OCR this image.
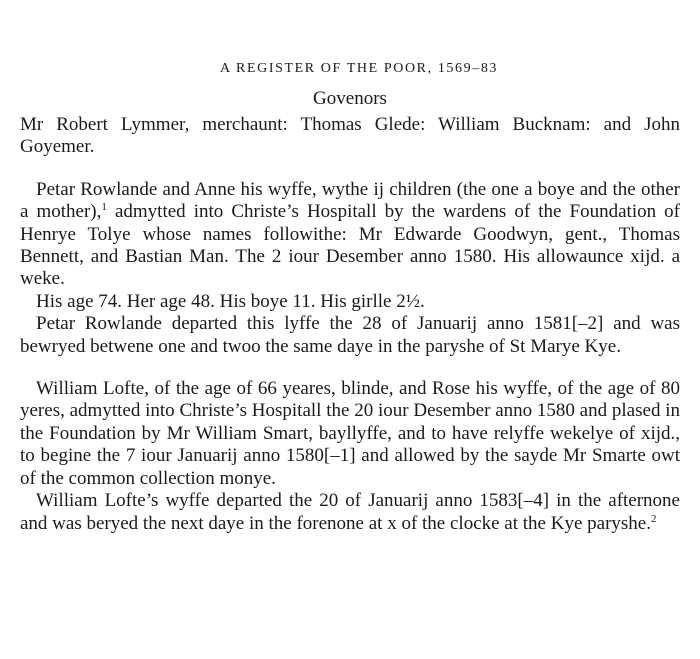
A REGISTER OF THE POOR, 1569–83
Govenors

Mr Robert Lymmer, merchaunt: Thomas Glede: William Bucknam: and John Goyemer.

Petar Rowlande and Anne his wyffe, wythe ij children (the one a boye and the other a mother),$^1$ admytted into Christe’s Hospitall by the wardens of the Foundation of Henrye Tolye whose names followithe: Mr Edwarde Goodwyn, gent., Thomas Bennett, and Bastian Man. The 2 iour Desember anno 1580. His allowaunce xijd. a weke.

His age 74. Her age 48. His boye 11. His girlle 2½.

Petar Rowlande departed this lyffe the 28 of Januarij anno 1581[–2] and was bewryed betwene one and twoo the same daye in the paryshe of St Marye Kye.

William Lofte, of the age of 66 yeares, blinde, and Rose his wyffe, of the age of 80 yeres, admytted into Christe’s Hospitall the 20 iour Desember anno 1580 and plased in the Foundation by Mr William Smart, bayllyffe, and to have relyffe wekelye of xijd., to begine the 7 iour Januarij anno 1580[–1] and allowed by the sayde Mr Smarte owt of the common collection monye.

William Lofte’s wyffe departed the 20 of Januarij anno 1583[–4] in the afternone and was beryed the next daye in the forenone at x of the clocke at the Kye paryshe.$^2$
